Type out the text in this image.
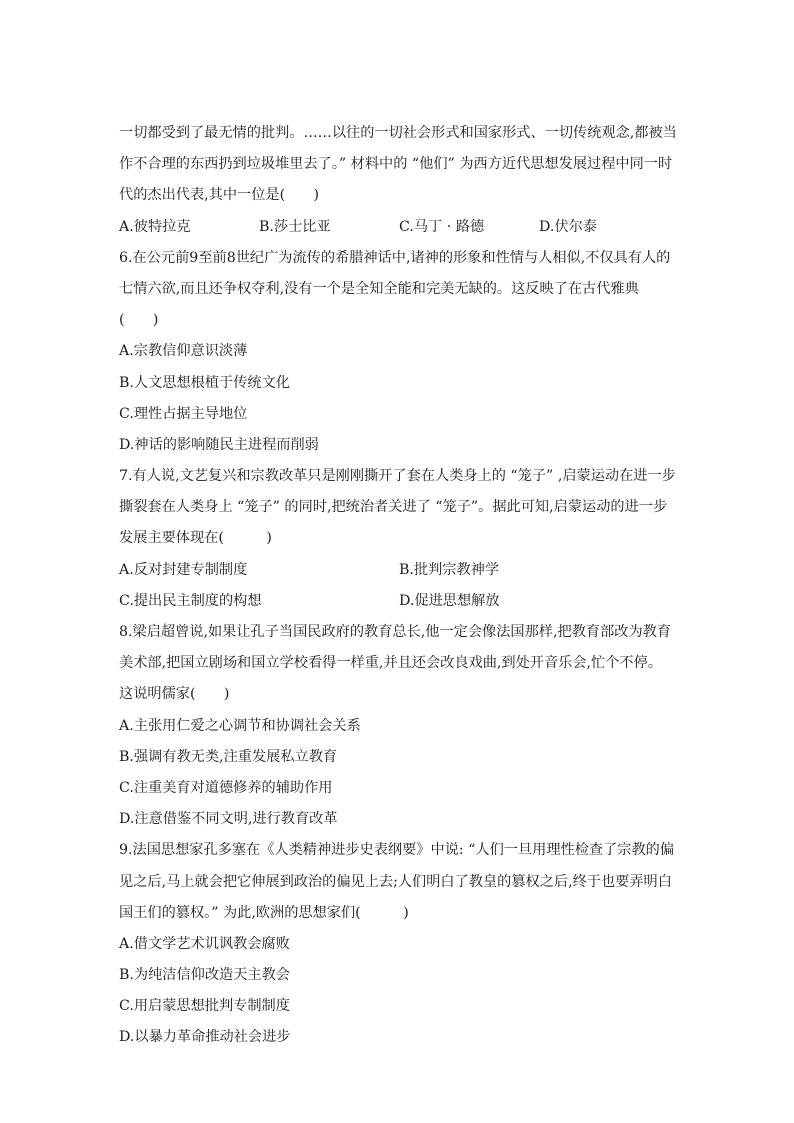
一切都受到了最无情的批判。……以往的一切社会形式和国家形式、一切传统观念,都被当
作不合理的东西扔到垃圾堆里去了。” 材料中的 “他们” 为西方近代思想发展过程中同一时
代的杰出代表,其中一位是(　　)
A.彼特拉克	B.莎士比亚	C.马丁 · 路德	D.伏尔泰
6.在公元前9至前8世纪广为流传的希腊神话中,诸神的形象和性情与人相似,不仅具有人的
七情六欲,而且还争权夺利,没有一个是全知全能和完美无缺的。这反映了在古代雅典
(　　)
A.宗教信仰意识淡薄
B.人文思想根植于传统文化
C.理性占据主导地位
D.神话的影响随民主进程而削弱
7.有人说,文艺复兴和宗教改革只是刚刚撕开了套在人类身上的 “笼子” ,启蒙运动在进一步
撕裂套在人类身上 “笼子” 的同时,把统治者关进了 “笼子”。据此可知,启蒙运动的进一步
发展主要体现在(　　　)
A.反对封建专制制度	B.批判宗教神学
C.提出民主制度的构想	D.促进思想解放
8.梁启超曾说,如果让孔子当国民政府的教育总长,他一定会像法国那样,把教育部改为教育
美术部,把国立剧场和国立学校看得一样重,并且还会改良戏曲,到处开音乐会,忙个不停。
这说明儒家(　　)
A.主张用仁爱之心调节和协调社会关系
B.强调有教无类,注重发展私立教育
C.注重美育对道德修养的辅助作用
D.注意借鉴不同文明,进行教育改革
9.法国思想家孔多塞在《人类精神进步史表纲要》中说: “人们一旦用理性检查了宗教的偏
见之后,马上就会把它伸展到政治的偏见上去;人们明白了教皇的篡权之后,终于也要弄明白
国王们的篡权。” 为此,欧洲的思想家们(　　　)
A.借文学艺术讥讽教会腐败
B.为纯洁信仰改造天主教会
C.用启蒙思想批判专制制度
D.以暴力革命推动社会进步
